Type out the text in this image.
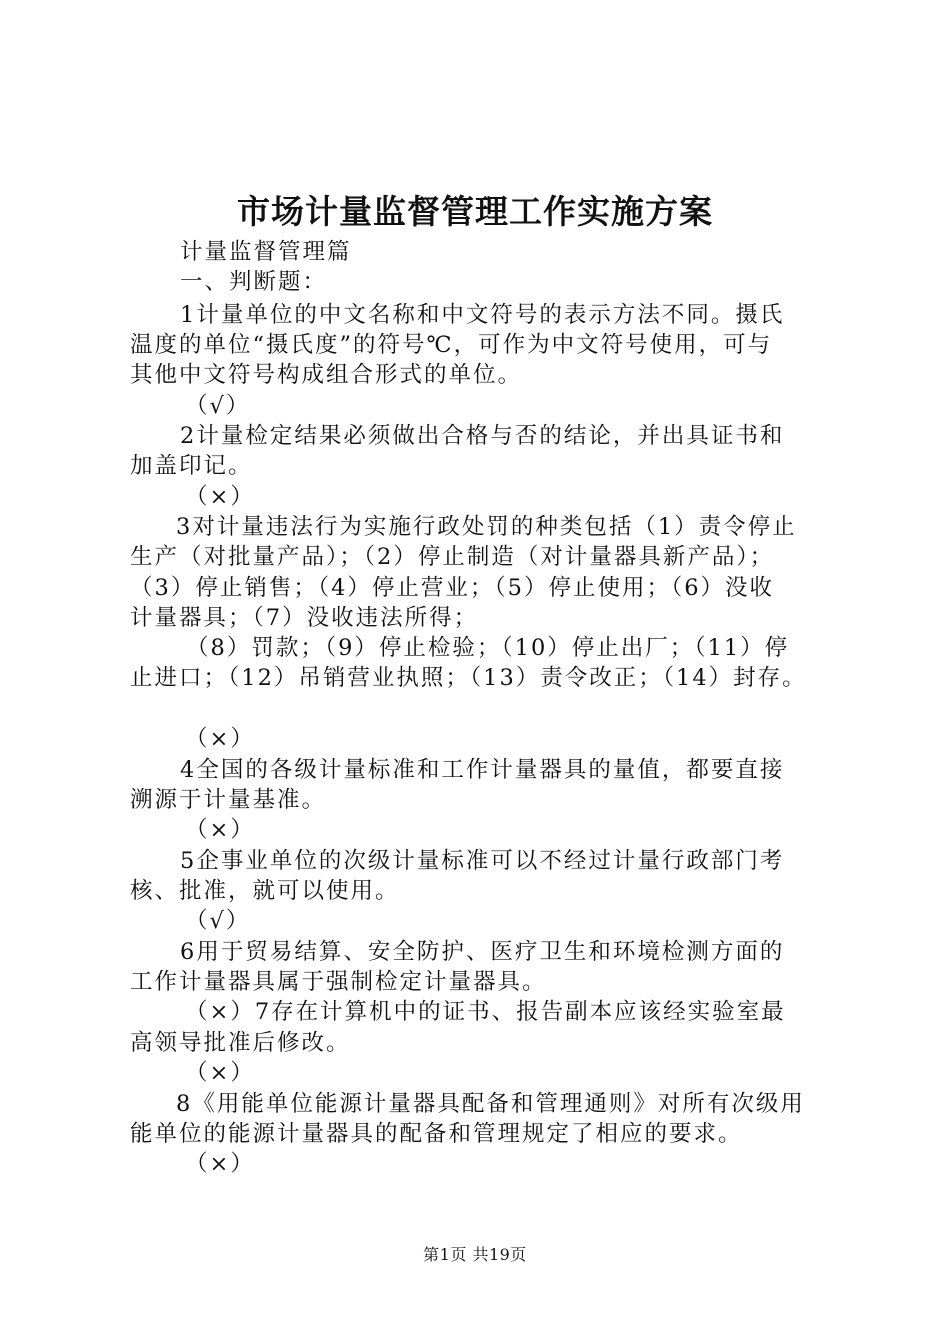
市场计量监督管理工作实施方案
计量监督管理篇
一、判断题：
1计量单位的中文名称和中文符号的表示方法不同。摄氏
温度的单位“摄氏度”的符号℃，可作为中文符号使用，可与
其他中文符号构成组合形式的单位。
（√）
2计量检定结果必须做出合格与否的结论，并出具证书和
加盖印记。
（×）
3对计量违法行为实施行政处罚的种类包括（1）责令停止
生产（对批量产品）；（2）停止制造（对计量器具新产品）；
（3）停止销售；（4）停止营业；（5）停止使用；（6）没收
计量器具；（7）没收违法所得；
（8）罚款；（9）停止检验；（10）停止出厂；（11）停
止进口；（12）吊销营业执照；（13）责令改正；（14）封存。
（×）
4全国的各级计量标准和工作计量器具的量值，都要直接
溯源于计量基准。
（×）
5企事业单位的次级计量标准可以不经过计量行政部门考
核、批准，就可以使用。
（√）
6用于贸易结算、安全防护、医疗卫生和环境检测方面的
工作计量器具属于强制检定计量器具。
（×）7存在计算机中的证书、报告副本应该经实验室最
高领导批准后修改。
（×）
8《用能单位能源计量器具配备和管理通则》对所有次级用
能单位的能源计量器具的配备和管理规定了相应的要求。
（×）
第1页 共19页
